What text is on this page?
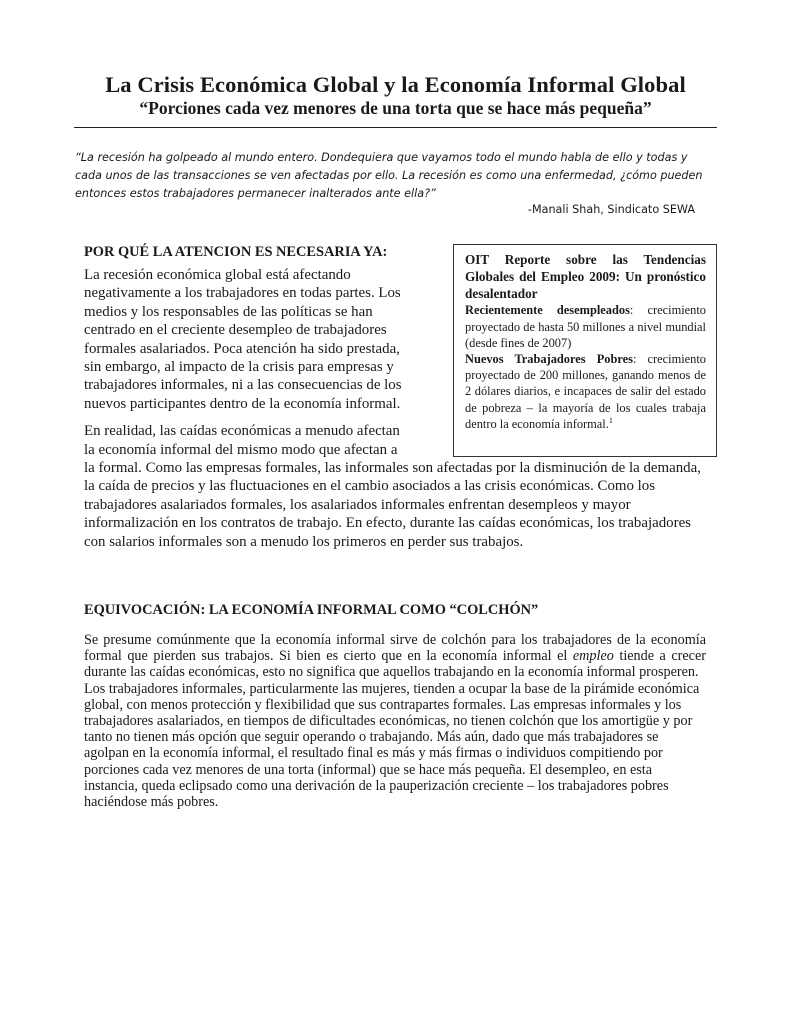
La Crisis Económica Global y la Economía Informal Global
“Porciones cada vez menores de una torta que se hace más pequeña”

“La recesión ha golpeado al mundo entero. Dondequiera que vayamos todo el mundo habla de ello y todas y cada unos de las transacciones se ven afectadas por ello. La recesión es como una enfermedad, ¿cómo pueden entonces estos trabajadores permanecer inalterados ante ella?”

-Manali Shah, Sindicato SEWA

POR QUÉ LA ATENCION ES NECESARIA YA:

La recesión económica global está afectando negativamente a los trabajadores en todas partes. Los medios y los responsables de las políticas se han centrado en el creciente desempleo de trabajadores formales asalariados. Poca atención ha sido prestada, sin embargo, al impacto de la crisis para empresas y trabajadores informales, ni a las consecuencias de los nuevos participantes dentro de la economía informal.

En realidad, las caídas económicas a menudo afectan la economía informal del mismo modo que afectan a la formal. Como las empresas formales, las informales son afectadas por la disminución de la demanda, la caída de precios y las fluctuaciones en el cambio asociados a las crisis económicas. Como los trabajadores asalariados formales, los asalariados informales enfrentan desempleos y mayor informalización en los contratos de trabajo. En efecto, durante las caídas económicas, los trabajadores con salarios informales son a menudo los primeros en perder sus trabajos.

OIT Reporte sobre las Tendencias Globales del Empleo 2009: Un pronóstico desalentador

Recientemente desempleados: crecimiento proyectado de hasta 50 millones a nivel mundial (desde fines de 2007)

Nuevos Trabajadores Pobres: crecimiento proyectado de 200 millones, ganando menos de 2 dólares diarios, e incapaces de salir del estado de pobreza – la mayoría de los cuales trabaja dentro la economía informal.$^1$

EQUIVOCACIÓN: LA ECONOMÍA INFORMAL COMO “COLCHÓN”

Se presume comúnmente que la economía informal sirve de colchón para los trabajadores de la economía formal que pierden sus trabajos. Si bien es cierto que en la economía informal el empleo tiende a crecer durante las caídas económicas, esto no significa que aquellos trabajando en la economía informal prosperen.

Los trabajadores informales, particularmente las mujeres, tienden a ocupar la base de la pirámide económica global, con menos protección y flexibilidad que sus contrapartes formales. Las empresas informales y los trabajadores asalariados, en tiempos de dificultades económicas, no tienen colchón que los amortigüe y por tanto no tienen más opción que seguir operando o trabajando. Más aún, dado que más trabajadores se agolpan en la economía informal, el resultado final es más y más firmas o individuos compitiendo por porciones cada vez menores de una torta (informal) que se hace más pequeña. El desempleo, en esta instancia, queda eclipsado como una derivación de la pauperización creciente – los trabajadores pobres haciéndose más pobres.
